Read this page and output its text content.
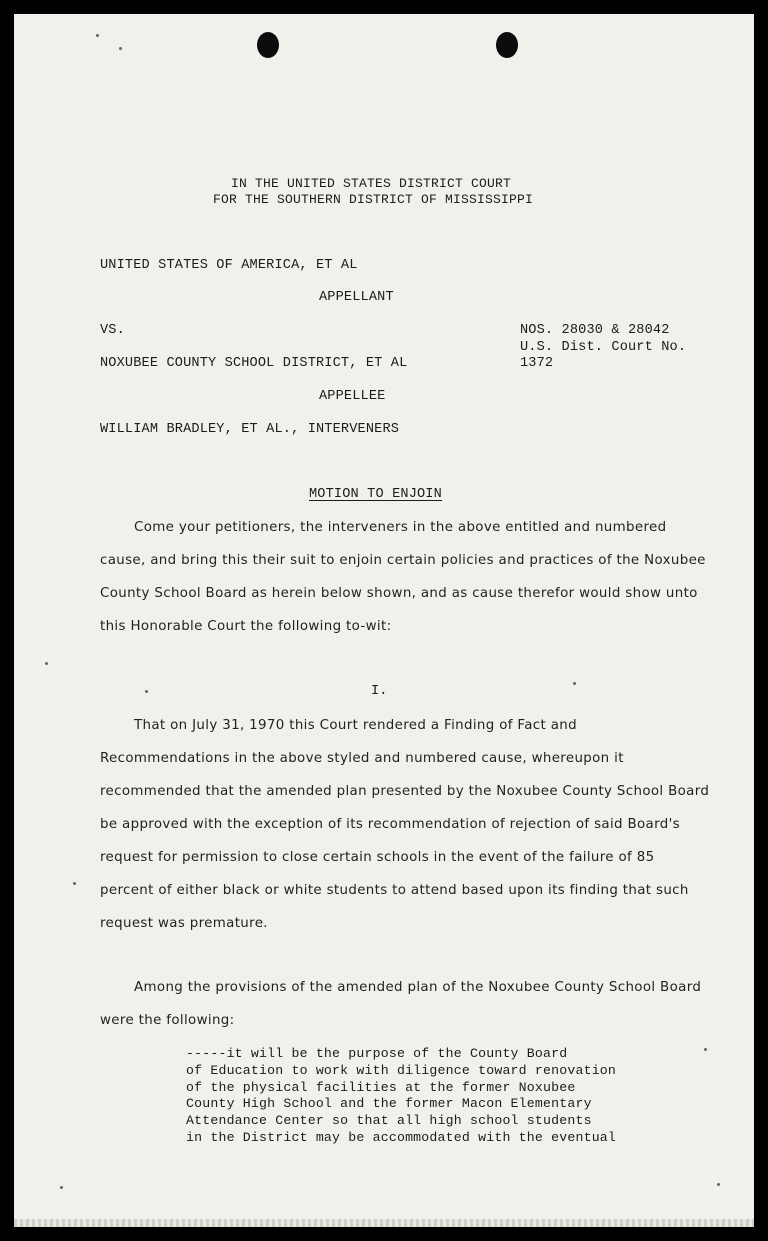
IN THE UNITED STATES DISTRICT COURT
FOR THE SOUTHERN DISTRICT OF MISSISSIPPI
UNITED STATES OF AMERICA, ET AL
APPELLANT
VS.
NOXUBEE COUNTY SCHOOL DISTRICT, ET AL
APPELLEE
WILLIAM BRADLEY, ET AL., INTERVENERS
NOS. 28030 & 28042
U.S. Dist. Court No.
1372
MOTION TO ENJOIN
Come your petitioners, the interveners in the above entitled and numbered cause, and bring this their suit to enjoin certain policies and practices of the Noxubee County School Board as herein below shown, and as cause therefor would show unto this Honorable Court the following to-wit:
I.
That on July 31, 1970 this Court rendered a Finding of Fact and Recommendations in the above styled and numbered cause, whereupon it recommended that the amended plan presented by the Noxubee County School Board be approved with the exception of its recommendation of rejection of said Board's request for permission to close certain schools in the event of the failure of 85 percent of either black or white students to attend based upon its finding that such request was premature.
Among the provisions of the amended plan of the Noxubee County School Board were the following:
-----it will be the purpose of the County Board
of Education to work with diligence toward renovation
of the physical facilities at the former Noxubee
County High School and the former Macon Elementary
Attendance Center so that all high school students
in the District may be accommodated with the eventual
